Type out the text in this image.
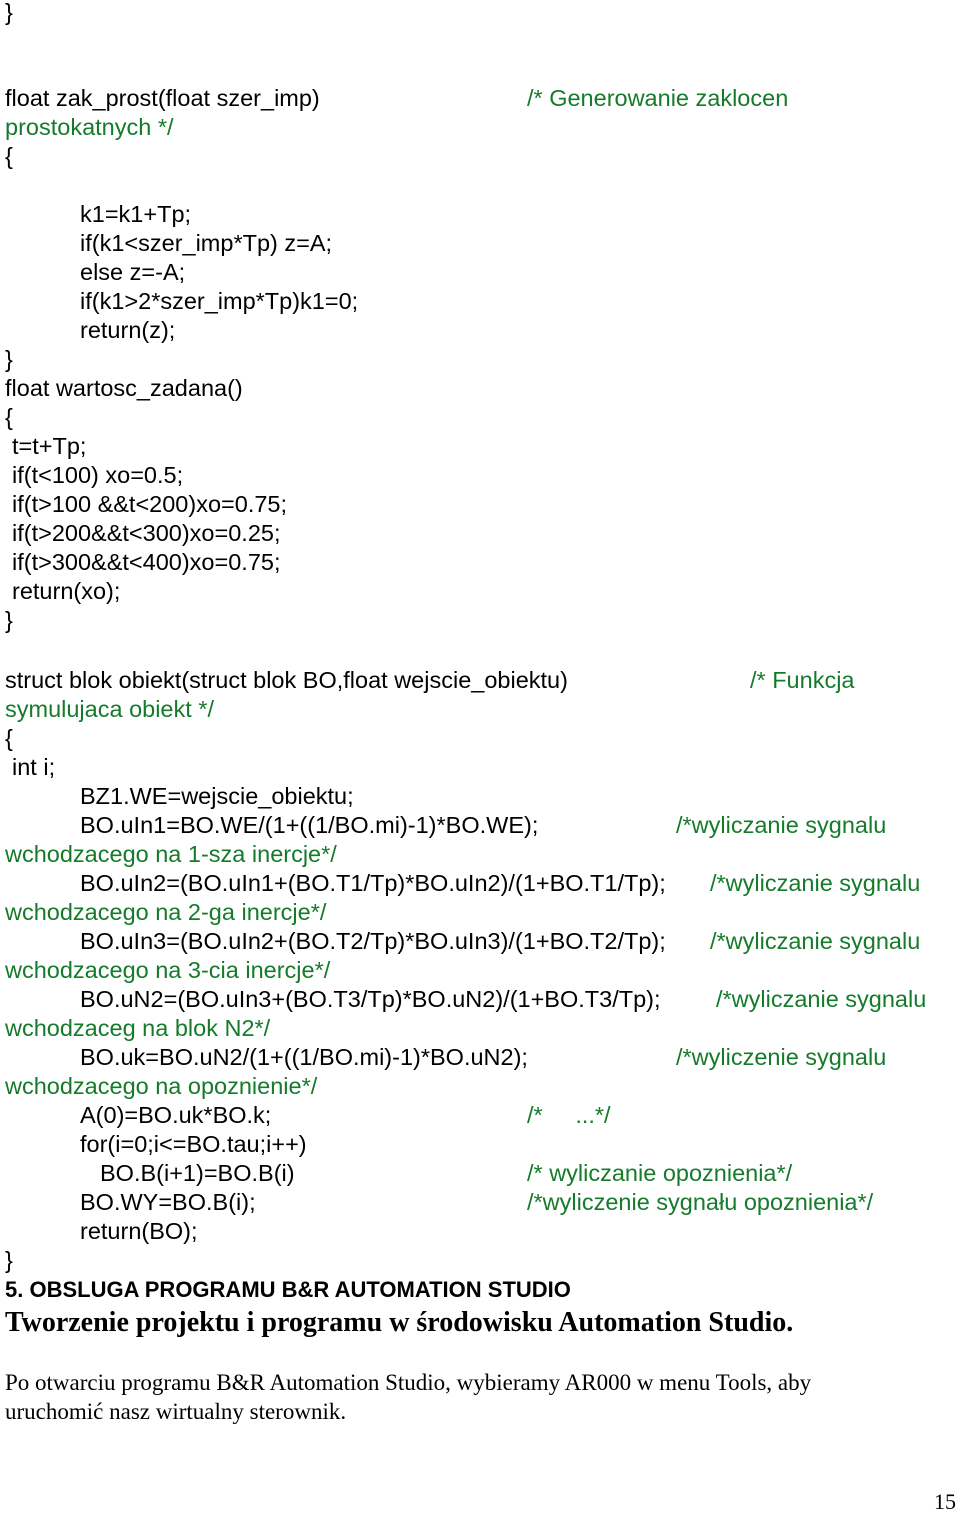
}
float zak_prost(float szer_imp)	/* Generowanie zaklocen
prostokatnych */
{
k1=k1+Tp;
if(k1<szer_imp*Tp) z=A;
else z=-A;
if(k1>2*szer_imp*Tp)k1=0;
return(z);
}
float wartosc_zadana()
{
t=t+Tp;
if(t<100) xo=0.5;
if(t>100 &&t<200)xo=0.75;
if(t>200&&t<300)xo=0.25;
if(t>300&&t<400)xo=0.75;
return(xo);
}
struct blok obiekt(struct blok BO,float wejscie_obiektu)	/* Funkcja
symulujaca obiekt */
{
int i;
BZ1.WE=wejscie_obiektu;
BO.uIn1=BO.WE/(1+((1/BO.mi)-1)*BO.WE);	/*wyliczanie sygnalu
wchodzacego na 1-sza inercje*/
BO.uIn2=(BO.uIn1+(BO.T1/Tp)*BO.uIn2)/(1+BO.T1/Tp); /*wyliczanie sygnalu
wchodzacego na 2-ga inercje*/
BO.uIn3=(BO.uIn2+(BO.T2/Tp)*BO.uIn3)/(1+BO.T2/Tp); /*wyliczanie sygnalu
wchodzacego na 3-cia inercje*/
BO.uN2=(BO.uIn3+(BO.T3/Tp)*BO.uN2)/(1+BO.T3/Tp); /*wyliczanie sygnalu
wchodzaceg na blok N2*/
BO.uk=BO.uN2/(1+((1/BO.mi)-1)*BO.uN2);	/*wyliczenie sygnalu
wchodzacego na opoznienie*/
A(0)=BO.uk*BO.k;	/*     ...*/
for(i=0;i<=BO.tau;i++)
BO.B(i+1)=BO.B(i)	/* wyliczanie opoznienia*/
BO.WY=BO.B(i);	/*wyliczenie sygnału opoznienia*/
return(BO);
}
5. OBSLUGA PROGRAMU B&R AUTOMATION STUDIO
Tworzenie projektu i programu w środowisku Automation Studio.
Po otwarciu programu B&R Automation Studio, wybieramy AR000 w menu Tools, aby
uruchomić nasz wirtualny sterownik.
15
